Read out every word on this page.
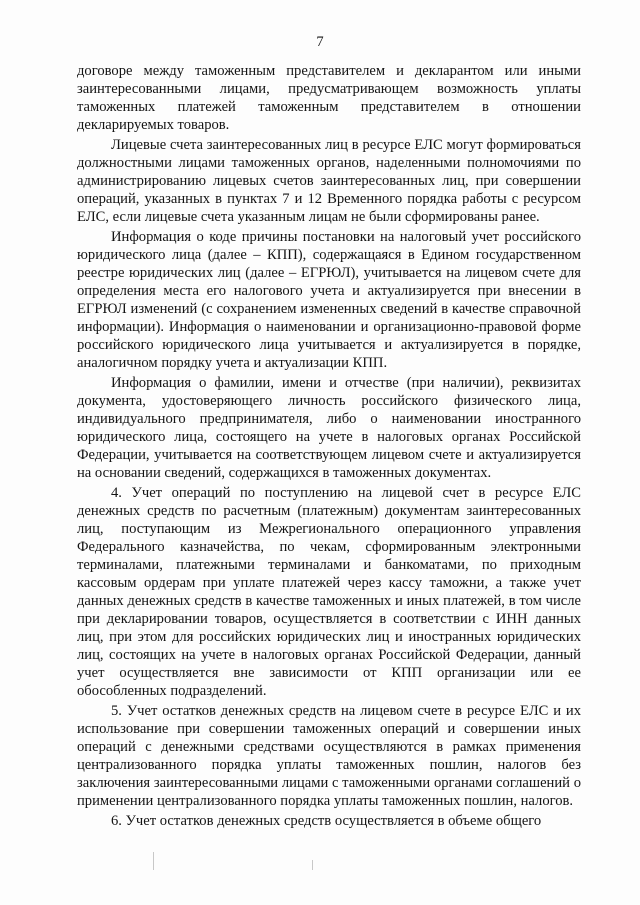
7

договоре между таможенным представителем и декларантом или иными заинтересованными лицами, предусматривающем возможность уплаты таможенных платежей таможенным представителем в отношении декларируемых товаров.

Лицевые счета заинтересованных лиц в ресурсе ЕЛС могут формироваться должностными лицами таможенных органов, наделенными полномочиями по администрированию лицевых счетов заинтересованных лиц, при совершении операций, указанных в пунктах 7 и 12 Временного порядка работы с ресурсом ЕЛС, если лицевые счета указанным лицам не были сформированы ранее.

Информация о коде причины постановки на налоговый учет российского юридического лица (далее – КПП), содержащаяся в Едином государственном реестре юридических лиц (далее – ЕГРЮЛ), учитывается на лицевом счете для определения места его налогового учета и актуализируется при внесении в ЕГРЮЛ изменений (с сохранением измененных сведений в качестве справочной информации). Информация о наименовании и организационно-правовой форме российского юридического лица учитывается и актуализируется в порядке, аналогичном порядку учета и актуализации КПП.

Информация о фамилии, имени и отчестве (при наличии), реквизитах документа, удостоверяющего личность российского физического лица, индивидуального предпринимателя, либо о наименовании иностранного юридического лица, состоящего на учете в налоговых органах Российской Федерации, учитывается на соответствующем лицевом счете и актуализируется на основании сведений, содержащихся в таможенных документах.

4. Учет операций по поступлению на лицевой счет в ресурсе ЕЛС денежных средств по расчетным (платежным) документам заинтересованных лиц, поступающим из Межрегионального операционного управления Федерального казначейства, по чекам, сформированным электронными терминалами, платежными терминалами и банкоматами, по приходным кассовым ордерам при уплате платежей через кассу таможни, а также учет данных денежных средств в качестве таможенных и иных платежей, в том числе при декларировании товаров, осуществляется в соответствии с ИНН данных лиц, при этом для российских юридических лиц и иностранных юридических лиц, состоящих на учете в налоговых органах Российской Федерации, данный учет осуществляется вне зависимости от КПП организации или ее обособленных подразделений.

5. Учет остатков денежных средств на лицевом счете в ресурсе ЕЛС и их использование при совершении таможенных операций и совершении иных операций с денежными средствами осуществляются в рамках применения централизованного порядка уплаты таможенных пошлин, налогов без заключения заинтересованными лицами с таможенными органами соглашений о применении централизованного порядка уплаты таможенных пошлин, налогов.

6. Учет остатков денежных средств осуществляется в объеме общего
